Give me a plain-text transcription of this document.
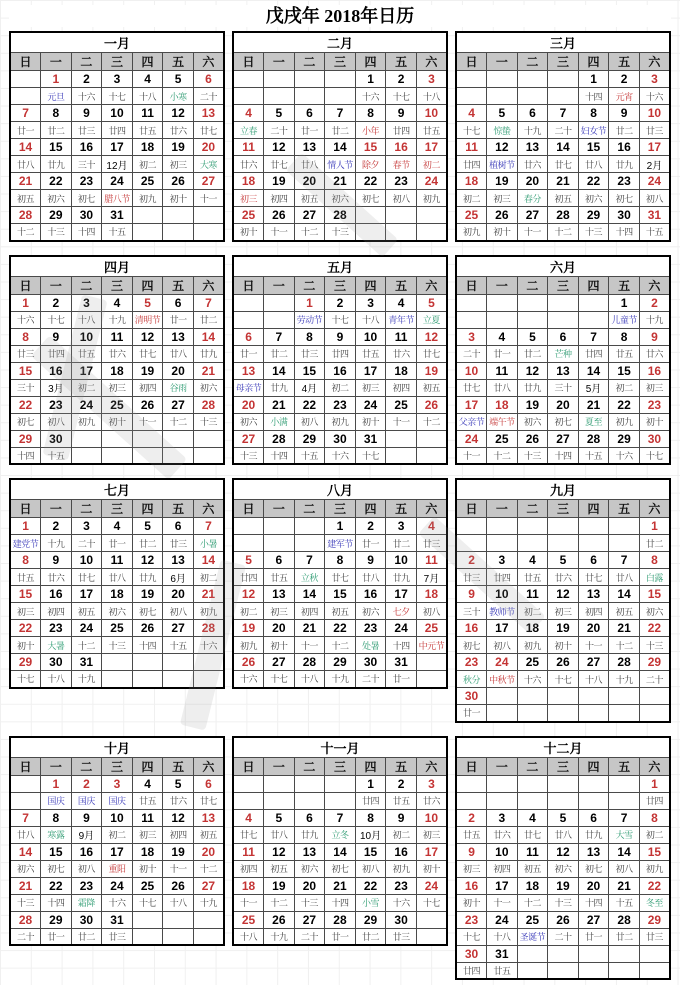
戊戌年 2018年日历
一月						
日	一	二	三	四	五	六
	1	2	3	4	5	6
	元旦	十六	十七	十八	小寒	二十
7	8	9	10	11	12	13
廿一	廿二	廿三	廿四	廿五	廿六	廿七
14	15	16	17	18	19	20
廿八	廿九	三十	12月	初二	初三	大寒
21	22	23	24	25	26	27
初五	初六	初七	腊八节	初九	初十	十一
28	29	30	31			
十二	十三	十四	十五			
二月						
日	一	二	三	四	五	六
				1	2	3
				十六	十七	十八
4	5	6	7	8	9	10
立春	二十	廿一	廿二	小年	廿四	廿五
11	12	13	14	15	16	17
廿六	廿七	廿八	情人节	除夕	春节	初二
18	19	20	21	22	23	24
初三	初四	初五	初六	初七	初八	初九
25	26	27	28			
初十	十一	十二	十三			
三月						
日	一	二	三	四	五	六
				1	2	3
				十四	元宵	十六
4	5	6	7	8	9	10
十七	惊蛰	十九	二十	妇女节	廿二	廿三
11	12	13	14	15	16	17
廿四	植树节	廿六	廿七	廿八	廿九	2月
18	19	20	21	22	23	24
初二	初三	春分	初五	初六	初七	初八
25	26	27	28	29	30	31
初九	初十	十一	十二	十三	十四	十五
四月						
日	一	二	三	四	五	六
1	2	3	4	5	6	7
十六	十七	十八	十九	清明节	廿一	廿二
8	9	10	11	12	13	14
廿三	廿四	廿五	廿六	廿七	廿八	廿九
15	16	17	18	19	20	21
三十	3月	初二	初三	初四	谷雨	初六
22	23	24	25	26	27	28
初七	初八	初九	初十	十一	十二	十三
29	30					
十四	十五					
五月						
日	一	二	三	四	五	六
		1	2	3	4	5
		劳动节	十七	十八	青年节	立夏
6	7	8	9	10	11	12
廿一	廿二	廿三	廿四	廿五	廿六	廿七
13	14	15	16	17	18	19
母亲节	廿九	4月	初二	初三	初四	初五
20	21	22	23	24	25	26
初六	小满	初八	初九	初十	十一	十二
27	28	29	30	31		
十三	十四	十五	十六	十七		
六月						
日	一	二	三	四	五	六
					1	2
					儿童节	十九
3	4	5	6	7	8	9
二十	廿一	廿二	芒种	廿四	廿五	廿六
10	11	12	13	14	15	16
廿七	廿八	廿九	三十	5月	初二	初三
17	18	19	20	21	22	23
父亲节	端午节	初六	初七	夏至	初九	初十
24	25	26	27	28	29	30
十一	十二	十三	十四	十五	十六	十七
七月						
日	一	二	三	四	五	六
1	2	3	4	5	6	7
建党节	十九	二十	廿一	廿二	廿三	小暑
8	9	10	11	12	13	14
廿五	廿六	廿七	廿八	廿九	6月	初二
15	16	17	18	19	20	21
初三	初四	初五	初六	初七	初八	初九
22	23	24	25	26	27	28
初十	大暑	十二	十三	十四	十五	十六
29	30	31				
十七	十八	十九				
八月						
日	一	二	三	四	五	六
			1	2	3	4
			建军节	廿一	廿二	廿三
5	6	7	8	9	10	11
廿四	廿五	立秋	廿七	廿八	廿九	7月
12	13	14	15	16	17	18
初二	初三	初四	初五	初六	七夕	初八
19	20	21	22	23	24	25
初九	初十	十一	十二	处暑	十四	中元节
26	27	28	29	30	31	
十六	十七	十八	十九	二十	廿一	
九月						
日	一	二	三	四	五	六
						1
						廿二
2	3	4	5	6	7	8
廿三	廿四	廿五	廿六	廿七	廿八	白露
9	10	11	12	13	14	15
三十	教师节	初二	初三	初四	初五	初六
16	17	18	19	20	21	22
初七	初八	初九	初十	十一	十二	十三
23	24	25	26	27	28	29
秋分	中秋节	十六	十七	十八	十九	二十
30						
廿一						
十月						
日	一	二	三	四	五	六
	1	2	3	4	5	6
	国庆	国庆	国庆	廿五	廿六	廿七
7	8	9	10	11	12	13
廿八	寒露	9月	初二	初三	初四	初五
14	15	16	17	18	19	20
初六	初七	初八	重阳	初十	十一	十二
21	22	23	24	25	26	27
十三	十四	霜降	十六	十七	十八	十九
28	29	30	31			
二十	廿一	廿二	廿三			
十一月						
日	一	二	三	四	五	六
				1	2	3
				廿四	廿五	廿六
4	5	6	7	8	9	10
廿七	廿八	廿九	立冬	10月	初二	初三
11	12	13	14	15	16	17
初四	初五	初六	初七	初八	初九	初十
18	19	20	21	22	23	24
十一	十二	十三	十四	小雪	十六	十七
25	26	27	28	29	30	
十八	十九	二十	廿一	廿二	廿三	
十二月						
日	一	二	三	四	五	六
						1
						廿四
2	3	4	5	6	7	8
廿五	廿六	廿七	廿八	廿九	大雪	初二
9	10	11	12	13	14	15
初三	初四	初五	初六	初七	初八	初九
16	17	18	19	20	21	22
初十	十一	十二	十三	十四	十五	冬至
23	24	25	26	27	28	29
十七	十八	圣诞节	二十	廿一	廿二	廿三
30	31					
廿四	廿五					
